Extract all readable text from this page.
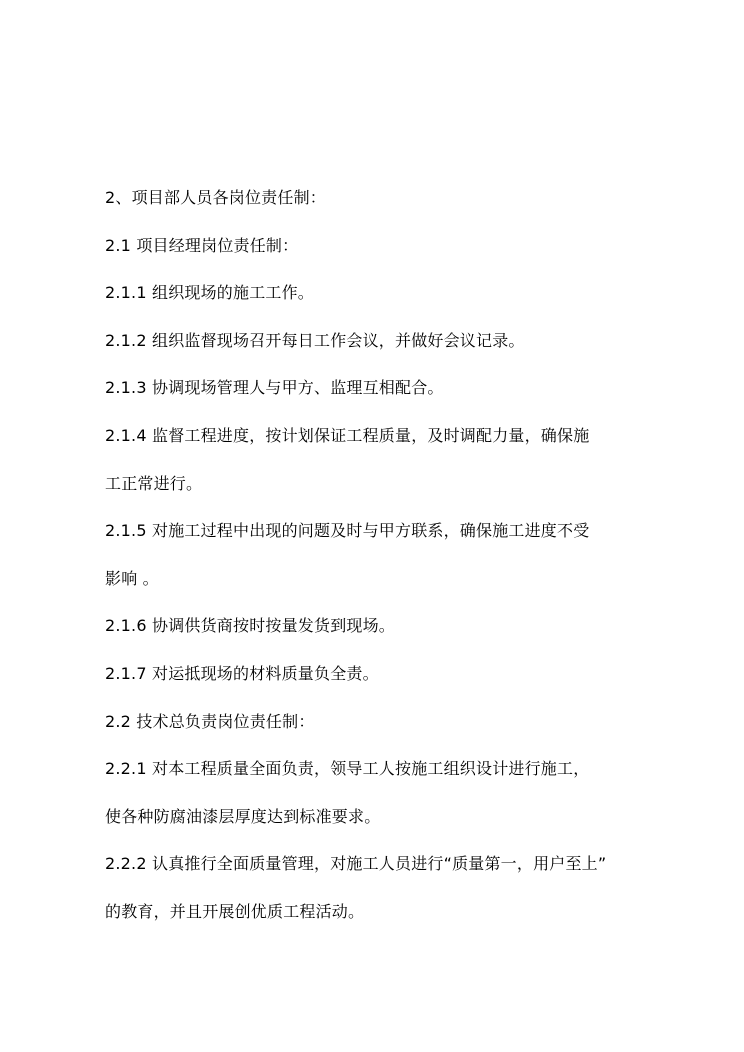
2、项目部人员各岗位责任制：
2.1 项目经理岗位责任制：
2.1.1 组织现场的施工工作。
2.1.2 组织监督现场召开每日工作会议，并做好会议记录。
2.1.3 协调现场管理人与甲方、监理互相配合。
2.1.4 监督工程进度，按计划保证工程质量，及时调配力量，确保施
工正常进行。
2.1.5 对施工过程中出现的问题及时与甲方联系，确保施工进度不受
影响 。
2.1.6 协调供货商按时按量发货到现场。
2.1.7 对运抵现场的材料质量负全责。
2.2 技术总负责岗位责任制：
2.2.1 对本工程质量全面负责，领导工人按施工组织设计进行施工，
使各种防腐油漆层厚度达到标准要求。
2.2.2 认真推行全面质量管理，对施工人员进行“质量第一，用户至上”
的教育，并且开展创优质工程活动。
